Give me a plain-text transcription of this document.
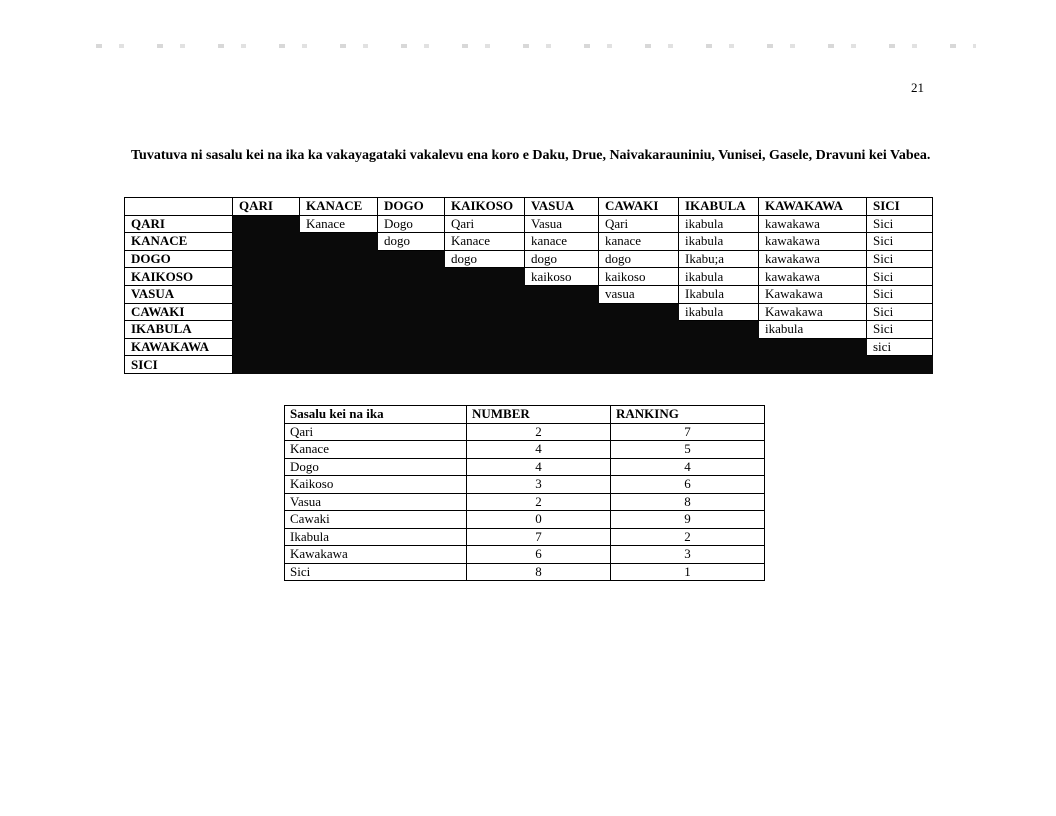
21
Tuvatuva ni sasalu kei na ika ka vakayagataki vakalevu ena koro e Daku, Drue, Naivakarauniniu, Vunisei, Gasele, Dravuni kei Vabea.
	QARI	KANACE	DOGO	KAIKOSO	VASUA	CAWAKI	IKABULA	KAWAKAWA	SICI
QARI		Kanace	Dogo	Qari	Vasua	Qari	ikabula	kawakawa	Sici
KANACE			dogo	Kanace	kanace	kanace	ikabula	kawakawa	Sici
DOGO				dogo	dogo	dogo	Ikabu;a	kawakawa	Sici
KAIKOSO					kaikoso	kaikoso	ikabula	kawakawa	Sici
VASUA						vasua	Ikabula	Kawakawa	Sici
CAWAKI							ikabula	Kawakawa	Sici
IKABULA								ikabula	Sici
KAWAKAWA									sici
SICI									
Sasalu kei na ika	NUMBER	RANKING
Qari	2	7
Kanace	4	5
Dogo	4	4
Kaikoso	3	6
Vasua	2	8
Cawaki	0	9
Ikabula	7	2
Kawakawa	6	3
Sici	8	1
